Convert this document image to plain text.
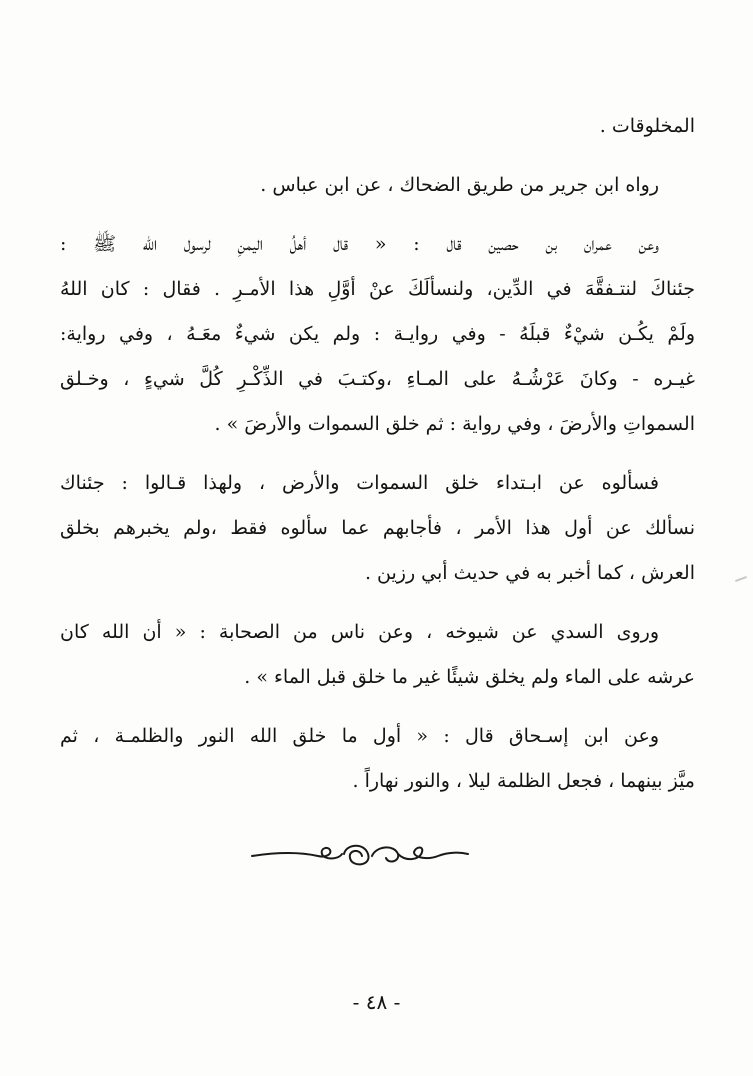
المخلوقات .

رواه ابن جرير من طريق الضحاك ، عن ابن عباس .

وعن عمران بن حصين قال : « قال أهلُ اليمنِ لرسول الله ﷺ :
جئناكَ لنتـفقَّهَ في الدِّين، ولنسألَكَ عنْ أوَّلِ هذا الأمـرِ . فقال : كان اللهُ
ولَمْ يكُـن شيْءٌ قبلَهُ - وفي روايـة : ولم يكن شيءٌ معَـهُ ، وفي رواية:
غيـره - وكانَ عَرْشُـهُ على المـاءِ ،وكتـبَ في الذِّكْـرِ كُلَّ شيءٍ ، وخـلق
السمواتِ والأرضَ ، وفي رواية : ثم خلق السموات والأرضَ » .

فسألوه عن ابـتداء خلق السموات والأرض ، ولهذا قـالوا : جئناك
نسألك عن أول هذا الأمر ، فأجابهم عما سألوه فقط ،ولم يخبرهم بخلق
العرش ، كما أخبر به في حديث أبي رزين .

وروى السدي عن شيوخه ، وعن ناس من الصحابة : « أن الله كان
عرشه على الماء ولم يخلق شيئًا غير ما خلق قبل الماء » .

وعن ابن إسـحاق قال : « أول ما خلق الله النور والظلمـة ، ثم
ميَّز بينهما ، فجعل الظلمة ليلا ، والنور نهاراً .

- ٤٨ -
